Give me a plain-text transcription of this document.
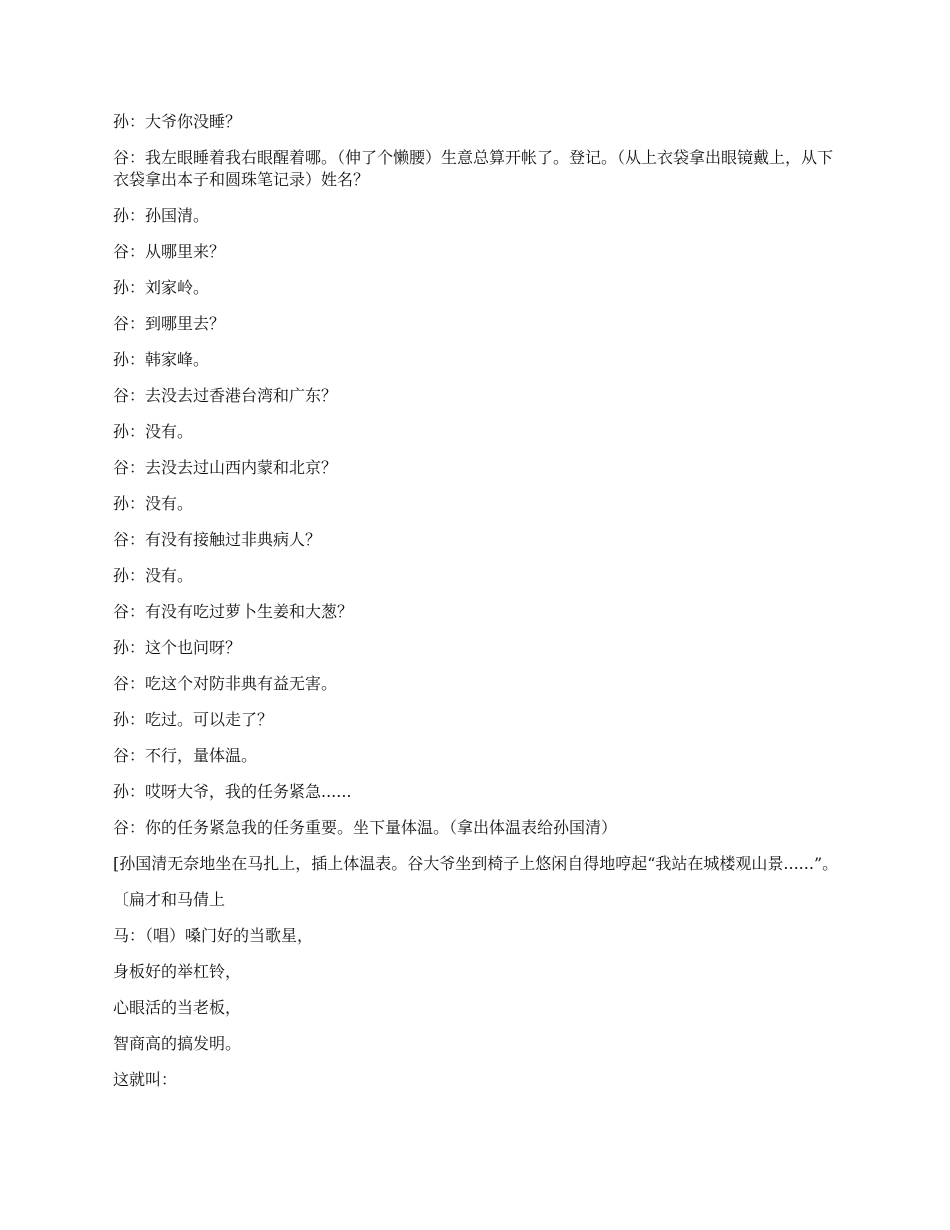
孙：大爷你没睡？

谷：我左眼睡着我右眼醒着哪。（伸了个懒腰）生意总算开帐了。登记。（从上衣袋拿出眼镜戴上，从下衣袋拿出本子和圆珠笔记录）姓名？

孙：孙国清。

谷：从哪里来？

孙：刘家岭。

谷：到哪里去？

孙：韩家峰。

谷：去没去过香港台湾和广东？

孙：没有。

谷：去没去过山西内蒙和北京？

孙：没有。

谷：有没有接触过非典病人？

孙：没有。

谷：有没有吃过萝卜生姜和大葱？

孙：这个也问呀？

谷：吃这个对防非典有益无害。

孙：吃过。可以走了？

谷：不行，量体温。

孙：哎呀大爷，我的任务紧急......

谷：你的任务紧急我的任务重要。坐下量体温。（拿出体温表给孙国清）

[孙国清无奈地坐在马扎上，插上体温表。谷大爷坐到椅子上悠闲自得地哼起“我站在城楼观山景......”。

〔扁才和马倩上

马：（唱）嗓门好的当歌星，

身板好的举杠铃，

心眼活的当老板，

智商高的搞发明。

这就叫：
